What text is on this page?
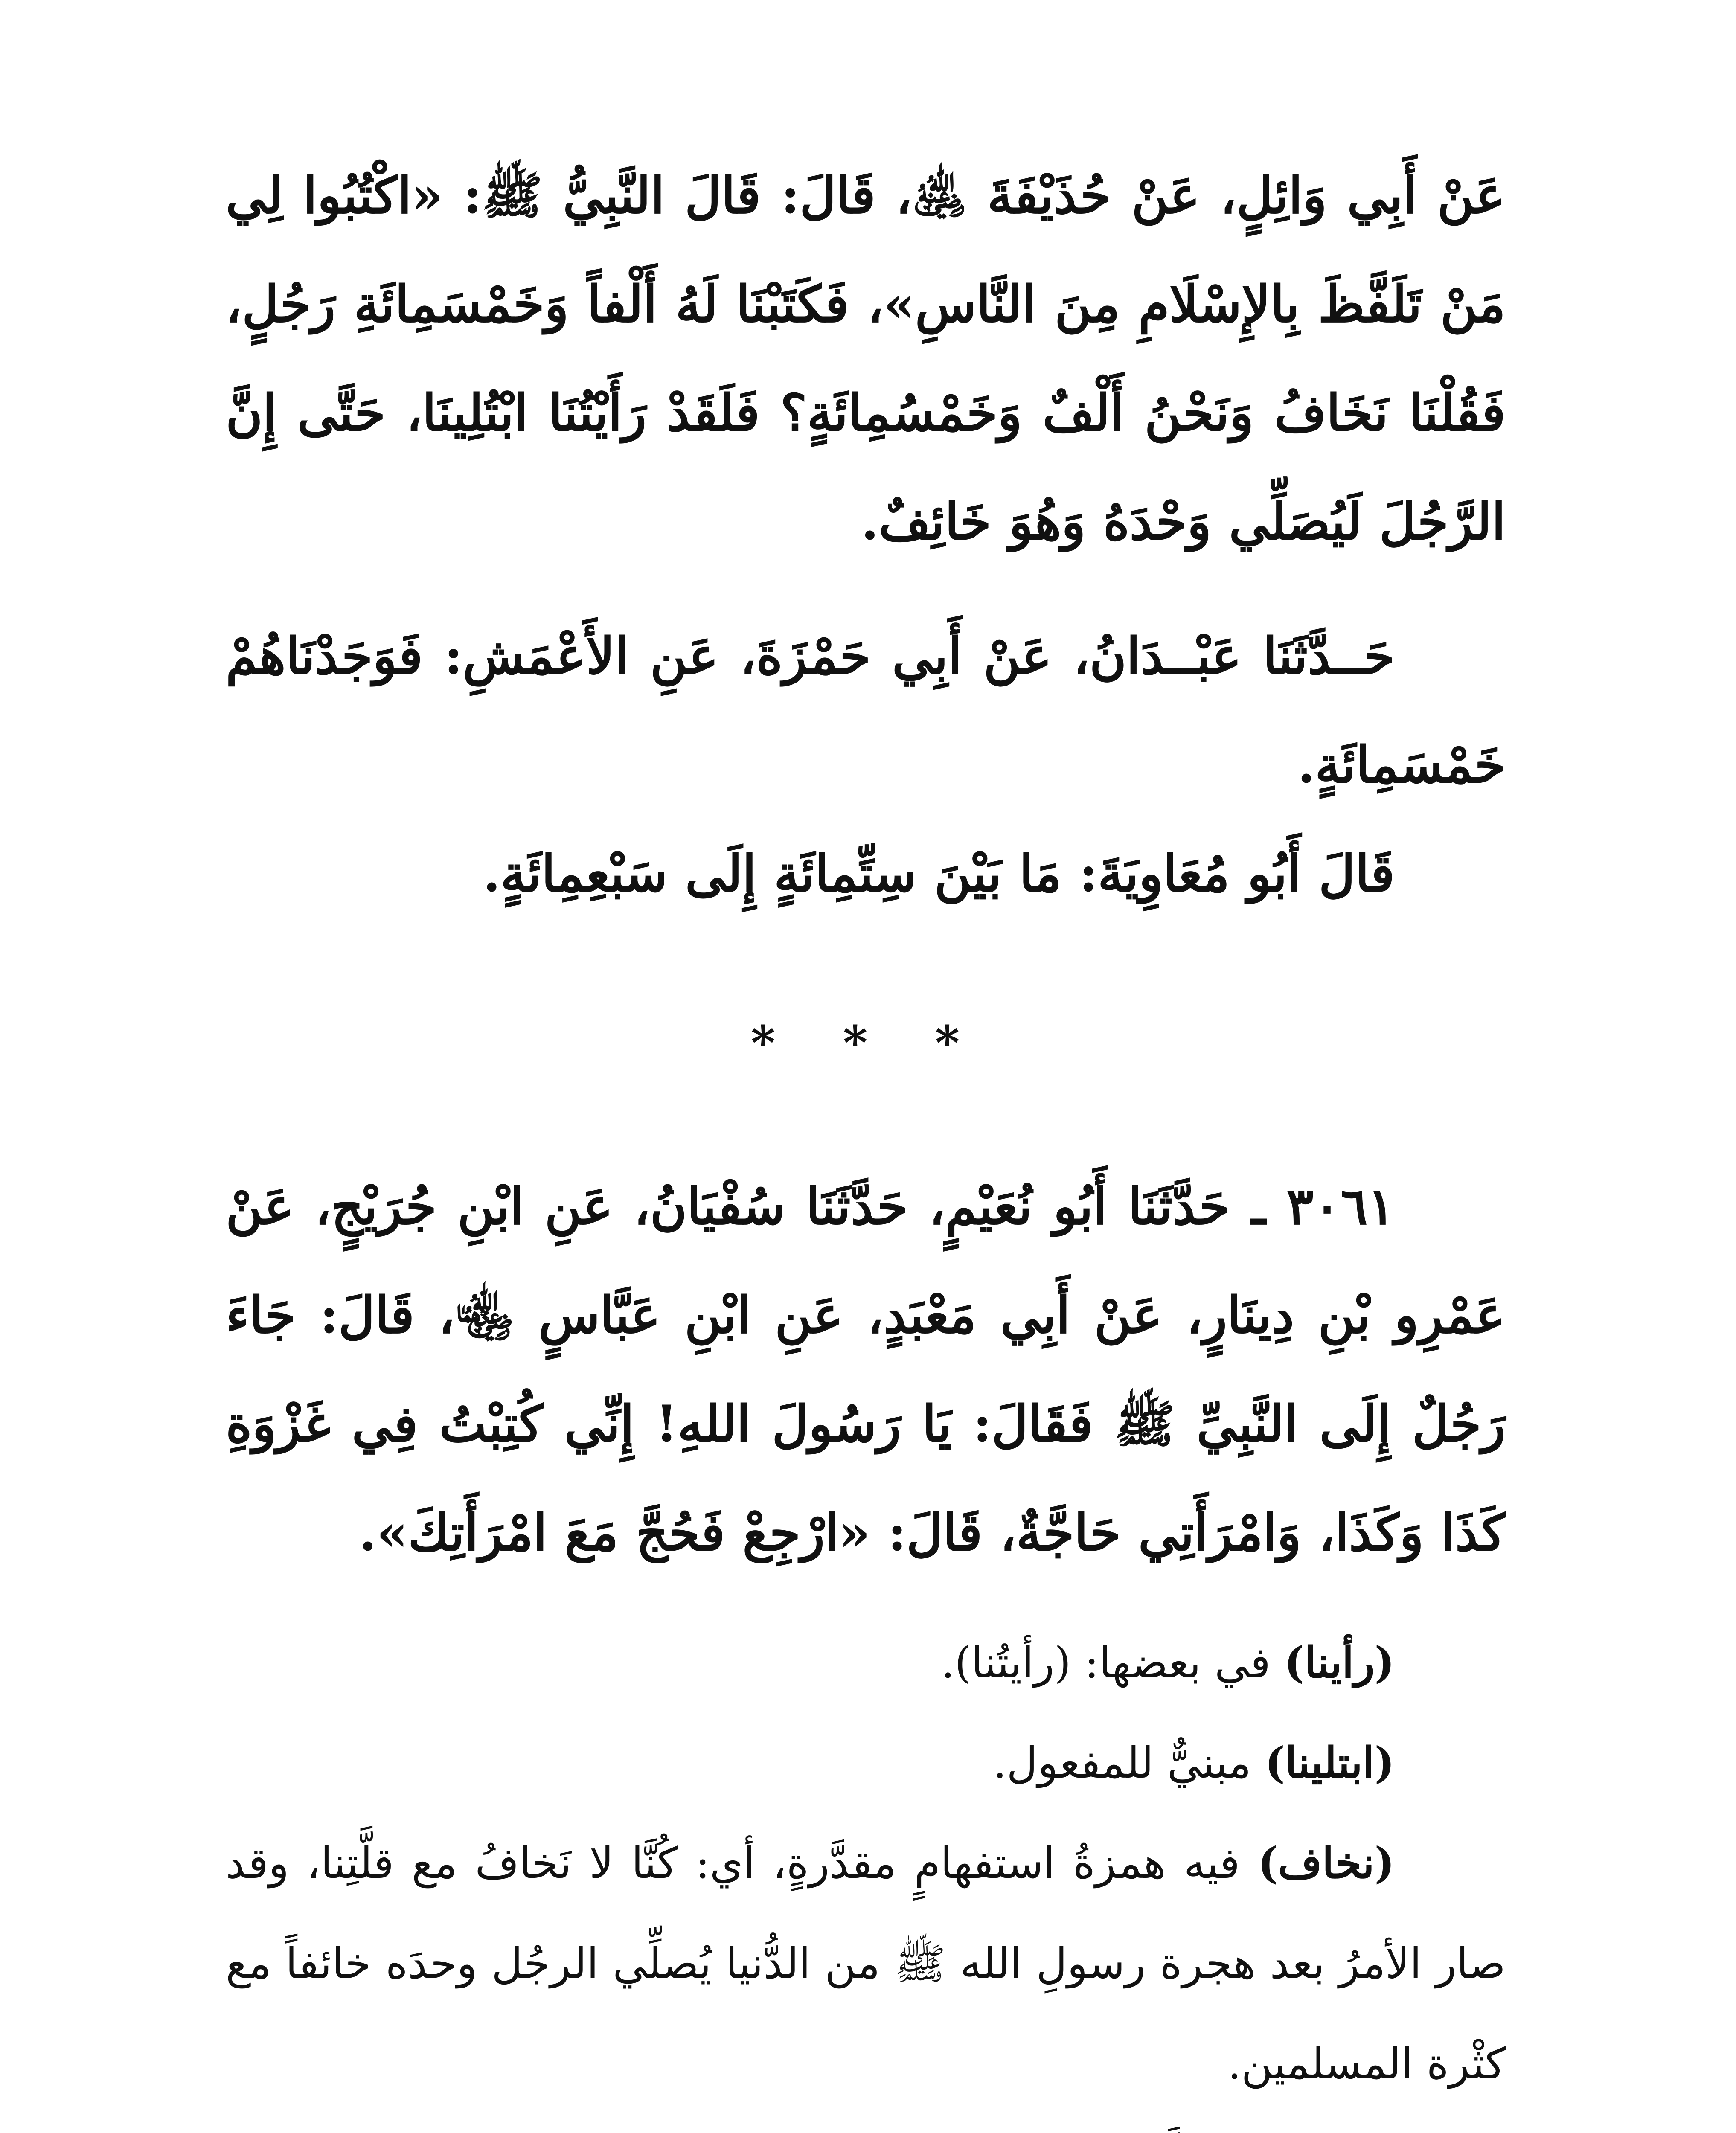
عَنْ أَبِي وَائِلٍ، عَنْ حُذَيْفَةَ ﵁، قَالَ: قَالَ النَّبِيُّ ﷺ: «اكْتُبُوا لِي مَنْ تَلَفَّظَ بِالإِسْلَامِ مِنَ النَّاسِ»، فَكَتَبْنَا لَهُ أَلْفاً وَخَمْسَمِائَةِ رَجُلٍ، فَقُلْنَا نَخَافُ وَنَحْنُ أَلْفٌ وَخَمْسُمِائَةٍ؟ فَلَقَدْ رَأَيْتُنَا ابْتُلِينَا، حَتَّى إِنَّ الرَّجُلَ لَيُصَلِّي وَحْدَهُ وَهُوَ خَائِفٌ.

حَــدَّثَنَا عَبْــدَانُ، عَنْ أَبِي حَمْزَةَ، عَنِ الأَعْمَشِ: فَوَجَدْنَاهُمْ خَمْسَمِائَةٍ.

قَالَ أَبُو مُعَاوِيَةَ: مَا بَيْنَ سِتِّمِائَةٍ إِلَى سَبْعِمِائَةٍ.

* * *

٣٠٦١ ـ حَدَّثَنَا أَبُو نُعَيْمٍ، حَدَّثَنَا سُفْيَانُ، عَنِ ابْنِ جُرَيْجٍ، عَنْ عَمْرِو بْنِ دِينَارٍ، عَنْ أَبِي مَعْبَدٍ، عَنِ ابْنِ عَبَّاسٍ ﵄، قَالَ: جَاءَ رَجُلٌ إِلَى النَّبِيِّ ﷺ فَقَالَ: يَا رَسُولَ اللهِ! إِنِّي كُتِبْتُ فِي غَزْوَةِ كَذَا وَكَذَا، وَامْرَأَتِي حَاجَّةٌ، قَالَ: «ارْجِعْ فَحُجَّ مَعَ امْرَأَتِكَ».

(رأينا) في بعضها: (رأيتُنا).

(ابتلينا) مبنيٌّ للمفعول.

(نخاف) فيه همزةُ استفهامٍ مقدَّرةٍ، أي: كُنَّا لا نَخافُ مع قلَّتِنا، وقد صار الأمرُ بعد هجرة رسولِ الله ﷺ من الدُّنيا يُصلِّي الرجُل وحدَه خائفاً مع كثْرة المسلمين.
